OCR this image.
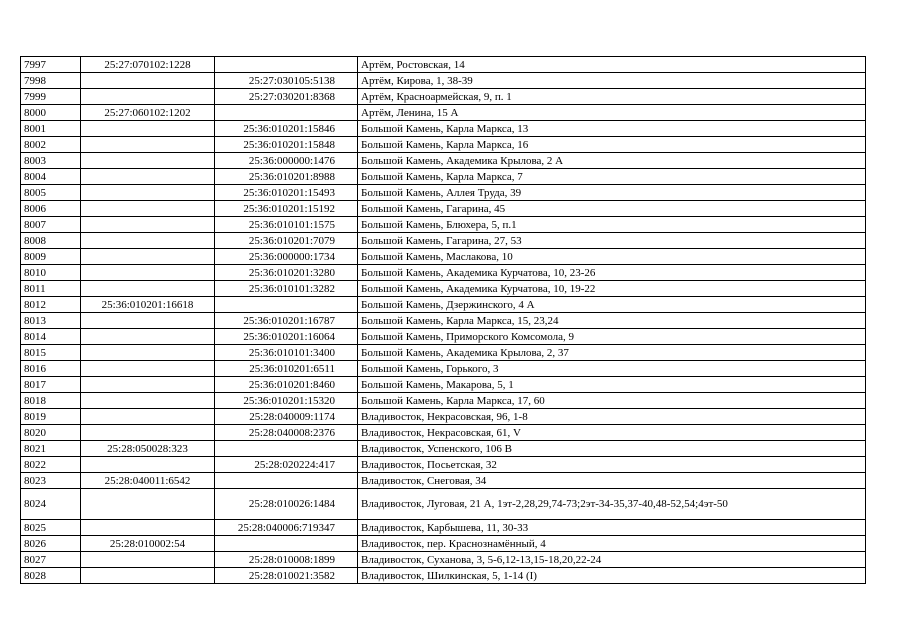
7997	25:27:070102:1228		Артём, Ростовская, 14
7998		25:27:030105:5138	Артём, Кирова, 1, 38-39
7999		25:27:030201:8368	Артём, Красноармейская, 9, п. 1
8000	25:27:060102:1202		Артём, Ленина, 15 А
8001		25:36:010201:15846	Большой Камень, Карла Маркса, 13
8002		25:36:010201:15848	Большой Камень, Карла Маркса, 16
8003		25:36:000000:1476	Большой Камень, Академика Крылова, 2 А
8004		25:36:010201:8988	Большой Камень, Карла Маркса, 7
8005		25:36:010201:15493	Большой Камень, Аллея Труда, 39
8006		25:36:010201:15192	Большой Камень, Гагарина, 45
8007		25:36:010101:1575	Большой Камень, Блюхера, 5, п.1
8008		25:36:010201:7079	Большой Камень, Гагарина, 27, 53
8009		25:36:000000:1734	Большой Камень, Маслакова, 10
8010		25:36:010201:3280	Большой Камень, Академика Курчатова, 10, 23-26
8011		25:36:010101:3282	Большой Камень, Академика Курчатова, 10, 19-22
8012	25:36:010201:16618		Большой Камень, Дзержинского, 4 А
8013		25:36:010201:16787	Большой Камень, Карла Маркса, 15, 23,24
8014		25:36:010201:16064	Большой Камень, Приморского Комсомола, 9
8015		25:36:010101:3400	Большой Камень, Академика Крылова, 2, 37
8016		25:36:010201:6511	Большой Камень, Горького, 3
8017		25:36:010201:8460	Большой Камень, Макарова, 5, 1
8018		25:36:010201:15320	Большой Камень, Карла Маркса, 17, 60
8019		25:28:040009:1174	Владивосток, Некрасовская, 96, 1-8
8020		25:28:040008:2376	Владивосток, Некрасовская, 61, V
8021	25:28:050028:323		Владивосток, Успенского, 106 В
8022		25:28:020224:417	Владивосток, Посьетская, 32
8023	25:28:040011:6542		Владивосток, Снеговая, 34
8024		25:28:010026:1484	Владивосток, Луговая, 21 А, 1эт-2,28,29,74-73;2эт-34-35,37-40,48-52,54;4эт-50
8025		25:28:040006:719347	Владивосток, Карбышева, 11, 30-33
8026	25:28:010002:54		Владивосток, пер. Краснознамённый, 4
8027		25:28:010008:1899	Владивосток, Суханова, 3, 5-6,12-13,15-18,20,22-24
8028		25:28:010021:3582	Владивосток, Шилкинская, 5, 1-14 (I)
